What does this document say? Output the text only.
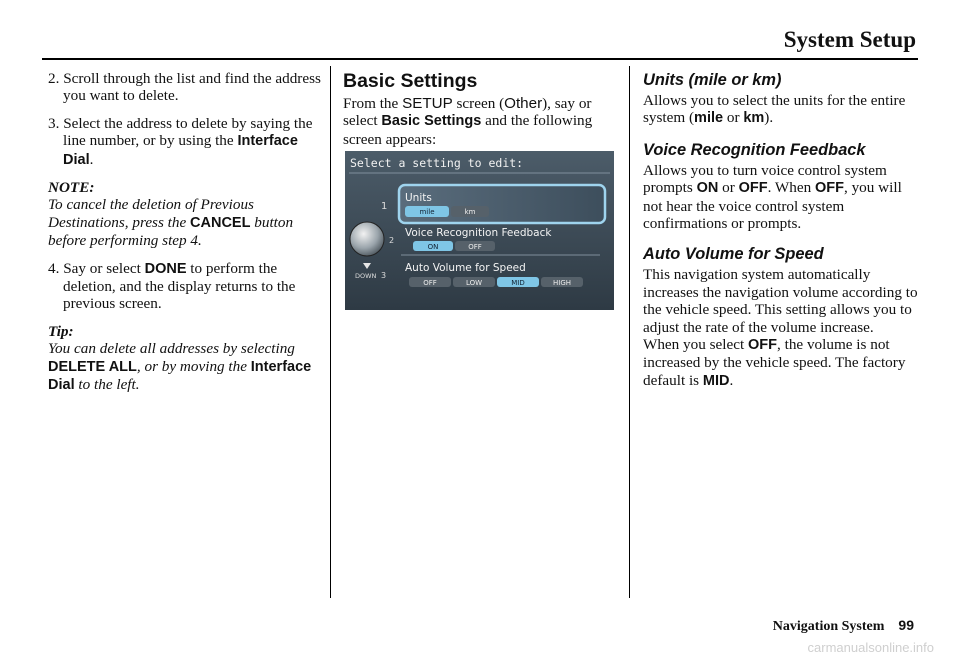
System Setup
2. Scroll through the list and find the address you want to delete.
3. Select the address to delete by saying the line number, or by using the Interface Dial.
NOTE:
To cancel the deletion of Previous Destinations, press the CANCEL button before performing step 4.
4. Say or select DONE to perform the deletion, and the display returns to the previous screen.
Tip:
You can delete all addresses by selecting DELETE ALL, or by moving the Interface Dial to the left.
Basic Settings

From the SETUP screen (Other), say or select Basic Settings and the following screen appears:

Select a setting to edit:
1
2
DOWN 3
Units
mile	km
Voice Recognition Feedback
ON	OFF
Auto Volume for Speed
OFF	LOW	MID	HIGH
Units (mile or km)

Allows you to select the units for the entire system (mile or km).

Voice Recognition Feedback

Allows you to turn voice control system prompts ON or OFF. When OFF, you will not hear the voice control system confirmations or prompts.

Auto Volume for Speed

This navigation system automatically increases the navigation volume according to the vehicle speed. This setting allows you to adjust the rate of the volume increase.

When you select OFF, the volume is not increased by the vehicle speed. The factory default is MID.

Navigation System 99
carmanualsonline.info
